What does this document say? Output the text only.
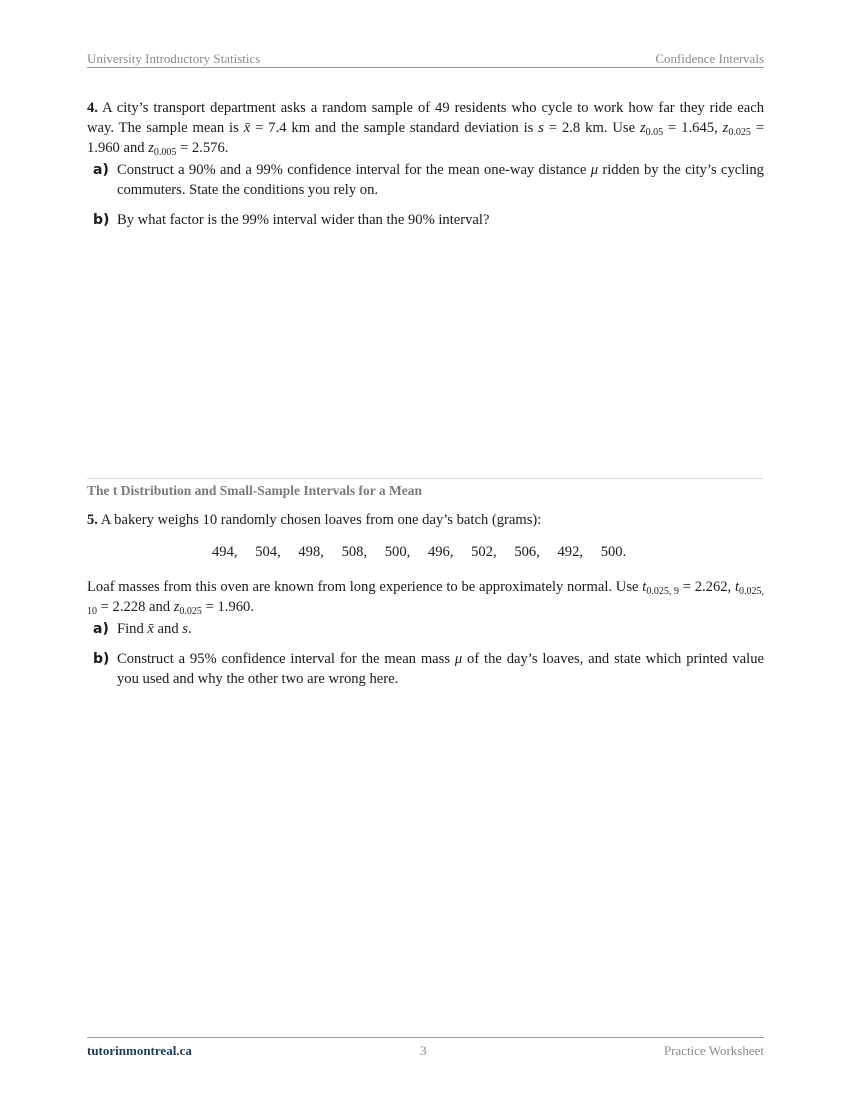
University Introductory Statistics	Confidence Intervals
4. A city’s transport department asks a random sample of 49 residents who cycle to work how far they ride each way. The sample mean is x̄ = 7.4 km and the sample standard deviation is s = 2.8 km. Use $z_{0.05} = 1.645$, $z_{0.025} = 1.960$ and $z_{0.005} = 2.576$.
a) Construct a 90% and a 99% confidence interval for the mean one-way distance μ ridden by the city’s cycling commuters. State the conditions you rely on.
b) By what factor is the 99% interval wider than the 90% interval?
The t Distribution and Small-Sample Intervals for a Mean
5. A bakery weighs 10 randomly chosen loaves from one day’s batch (grams):
494, 504, 498, 508, 500, 496, 502, 506, 492, 500.
Loaf masses from this oven are known from long experience to be approximately normal. Use $t_{0.025, 9} = 2.262$, $t_{0.025, 10} = 2.228$ and $z_{0.025} = 1.960$.
a) Find x̄ and s.
b) Construct a 95% confidence interval for the mean mass μ of the day’s loaves, and state which printed value you used and why the other two are wrong here.
tutorinmontreal.ca	3	Practice Worksheet
